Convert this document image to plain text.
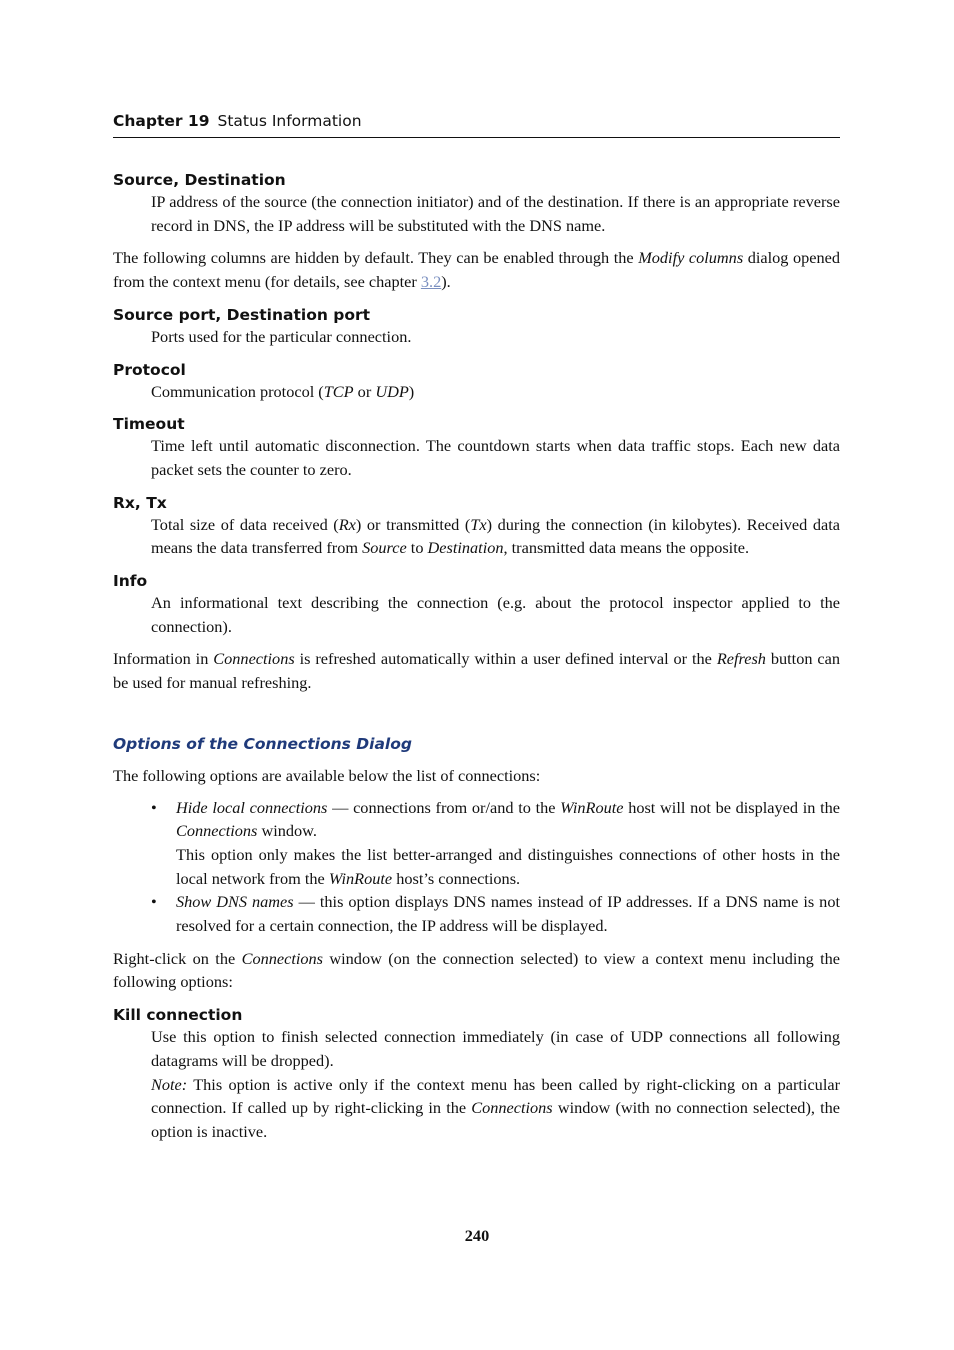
Chapter 19 Status Information
Source, Destination
IP address of the source (the connection initiator) and of the destination. If there is an appropriate reverse record in DNS, the IP address will be substituted with the DNS name.

The following columns are hidden by default. They can be enabled through the Modify columns dialog opened from the context menu (for details, see chapter 3.2).

Source port, Destination port
Ports used for the particular connection.
Protocol
Communication protocol (TCP or UDP)
Timeout
Time left until automatic disconnection. The countdown starts when data traffic stops. Each new data packet sets the counter to zero.
Rx, Tx
Total size of data received (Rx) or transmitted (Tx) during the connection (in kilobytes). Received data means the data transferred from Source to Destination, transmitted data means the opposite.
Info
An informational text describing the connection (e.g. about the protocol inspector applied to the connection).

Information in Connections is refreshed automatically within a user defined interval or the Refresh button can be used for manual refreshing.

Options of the Connections Dialog

The following options are available below the list of connections:

• Hide local connections — connections from or/and to the WinRoute host will not be displayed in the Connections window.
This option only makes the list better-arranged and distinguishes connections of other hosts in the local network from the WinRoute host’s connections.
• Show DNS names — this option displays DNS names instead of IP addresses. If a DNS name is not resolved for a certain connection, the IP address will be displayed.

Right-click on the Connections window (on the connection selected) to view a context menu including the following options:

Kill connection
Use this option to finish selected connection immediately (in case of UDP connections all following datagrams will be dropped).
Note: This option is active only if the context menu has been called by right-clicking on a particular connection. If called up by right-clicking in the Connections window (with no connection selected), the option is inactive.
240
